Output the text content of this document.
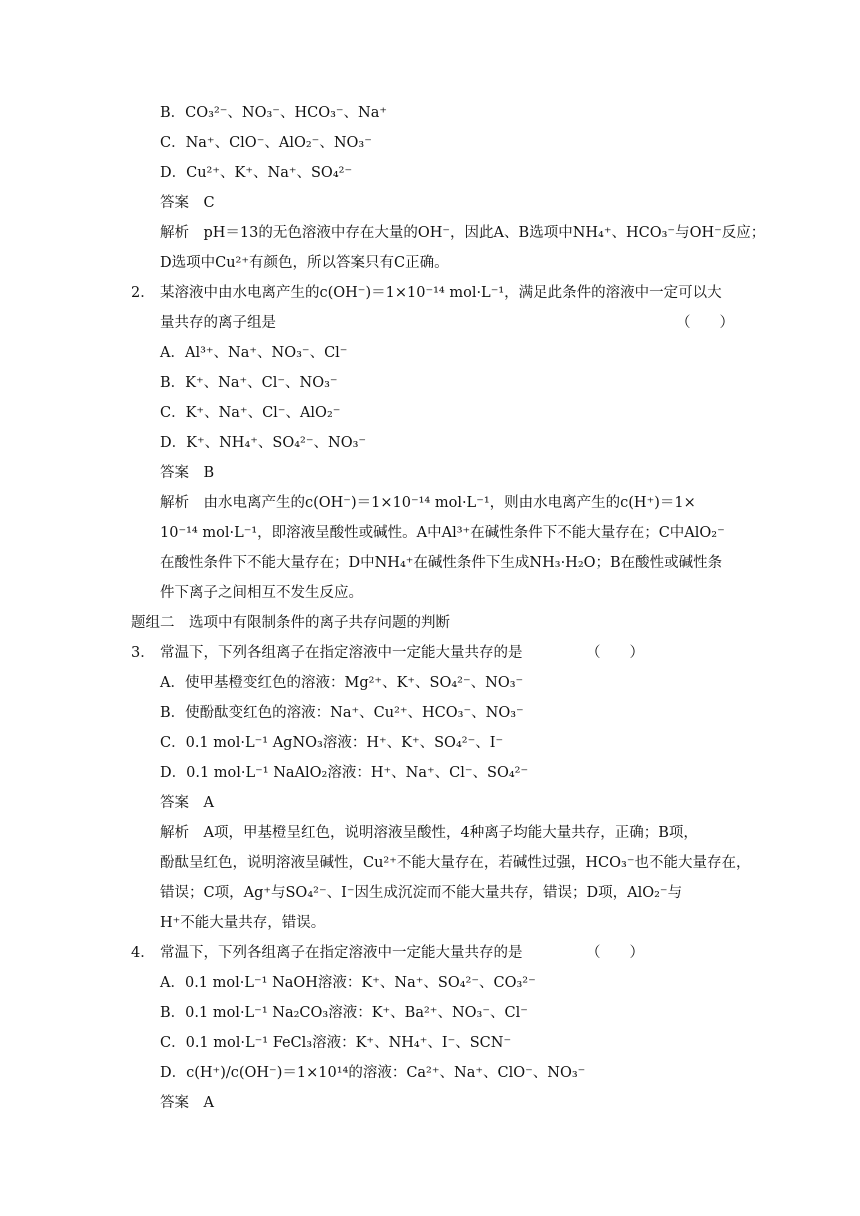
B．CO₃²⁻、NO₃⁻、HCO₃⁻、Na⁺
C．Na⁺、ClO⁻、AlO₂⁻、NO₃⁻
D．Cu²⁺、K⁺、Na⁺、SO₄²⁻
答案　C
解析　pH＝13的无色溶液中存在大量的OH⁻，因此A、B选项中NH₄⁺、HCO₃⁻与OH⁻反应；
D选项中Cu²⁺有颜色，所以答案只有C正确。
2． 某溶液中由水电离产生的c(OH⁻)＝1×10⁻¹⁴ mol·L⁻¹，满足此条件的溶液中一定可以大
量共存的离子组是	（　　）
A．Al³⁺、Na⁺、NO₃⁻、Cl⁻
B．K⁺、Na⁺、Cl⁻、NO₃⁻
C．K⁺、Na⁺、Cl⁻、AlO₂⁻
D．K⁺、NH₄⁺、SO₄²⁻、NO₃⁻
答案　B
解析　由水电离产生的c(OH⁻)＝1×10⁻¹⁴ mol·L⁻¹，则由水电离产生的c(H⁺)＝1×
10⁻¹⁴ mol·L⁻¹，即溶液呈酸性或碱性。A中Al³⁺在碱性条件下不能大量存在；C中AlO₂⁻
在酸性条件下不能大量存在；D中NH₄⁺在碱性条件下生成NH₃·H₂O；B在酸性或碱性条
件下离子之间相互不发生反应。
题组二　选项中有限制条件的离子共存问题的判断
3． 常温下，下列各组离子在指定溶液中一定能大量共存的是	（　　）
A．使甲基橙变红色的溶液：Mg²⁺、K⁺、SO₄²⁻、NO₃⁻
B．使酚酞变红色的溶液：Na⁺、Cu²⁺、HCO₃⁻、NO₃⁻
C．0.1 mol·L⁻¹ AgNO₃溶液：H⁺、K⁺、SO₄²⁻、I⁻
D．0.1 mol·L⁻¹ NaAlO₂溶液：H⁺、Na⁺、Cl⁻、SO₄²⁻
答案　A
解析　A项，甲基橙呈红色，说明溶液呈酸性，4种离子均能大量共存，正确；B项，
酚酞呈红色，说明溶液呈碱性，Cu²⁺不能大量存在，若碱性过强，HCO₃⁻也不能大量存在，
错误；C项，Ag⁺与SO₄²⁻、I⁻因生成沉淀而不能大量共存，错误；D项，AlO₂⁻与
H⁺不能大量共存，错误。
4． 常温下，下列各组离子在指定溶液中一定能大量共存的是	（　　）
A．0.1 mol·L⁻¹ NaOH溶液：K⁺、Na⁺、SO₄²⁻、CO₃²⁻
B．0.1 mol·L⁻¹ Na₂CO₃溶液：K⁺、Ba²⁺、NO₃⁻、Cl⁻
C．0.1 mol·L⁻¹ FeCl₃溶液：K⁺、NH₄⁺、I⁻、SCN⁻
D．c(H⁺)/c(OH⁻)＝1×10¹⁴的溶液：Ca²⁺、Na⁺、ClO⁻、NO₃⁻
答案　A
